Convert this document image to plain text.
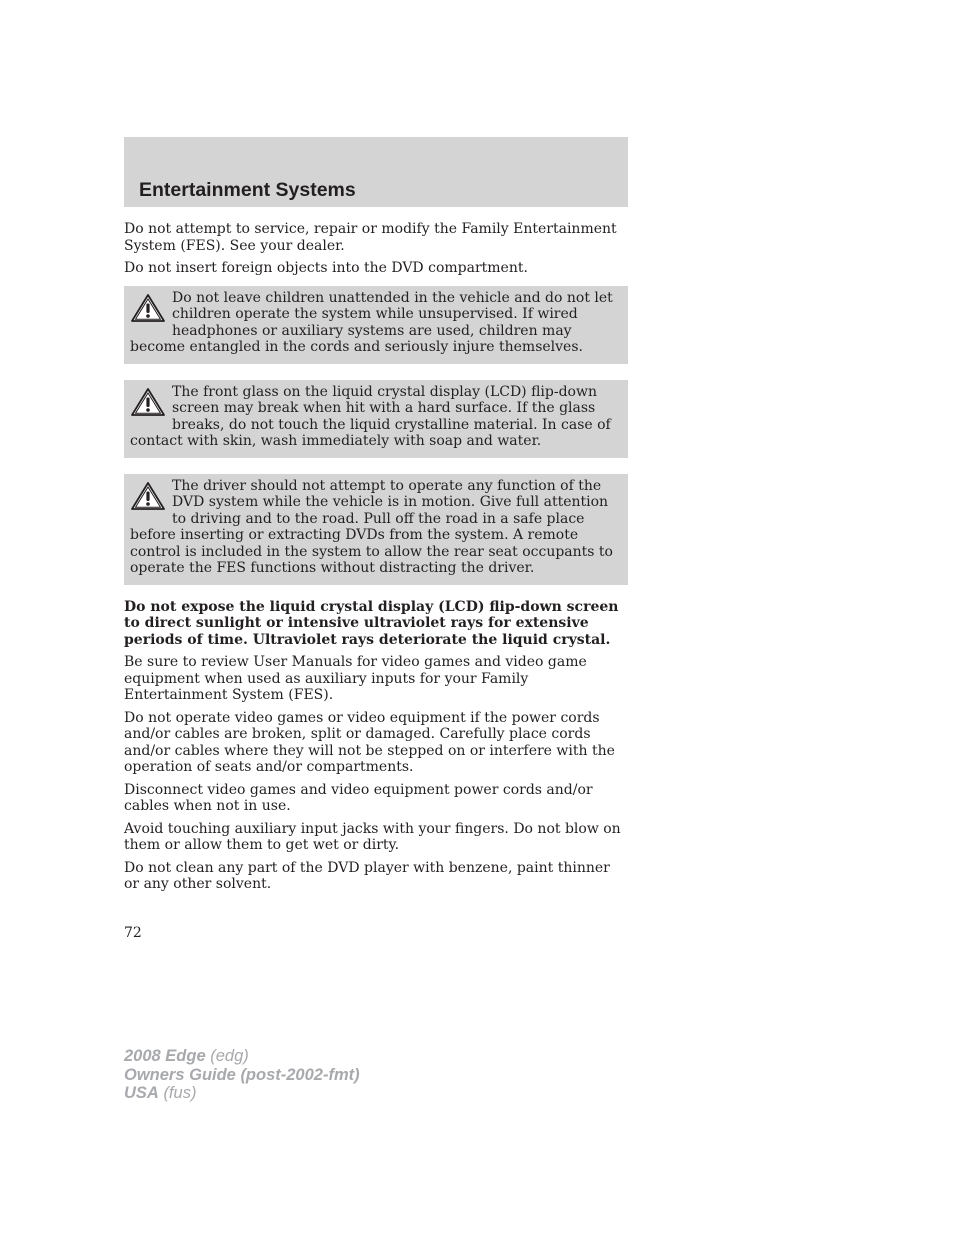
Entertainment Systems

Do not attempt to service, repair or modify the Family Entertainment System (FES). See your dealer.

Do not insert foreign objects into the DVD compartment.

Do not leave children unattended in the vehicle and do not let children operate the system while unsupervised. If wired headphones or auxiliary systems are used, children may become entangled in the cords and seriously injure themselves.
The front glass on the liquid crystal display (LCD) flip-down screen may break when hit with a hard surface. If the glass breaks, do not touch the liquid crystalline material. In case of contact with skin, wash immediately with soap and water.
The driver should not attempt to operate any function of the DVD system while the vehicle is in motion. Give full attention to driving and to the road. Pull off the road in a safe place before inserting or extracting DVDs from the system. A remote control is included in the system to allow the rear seat occupants to operate the FES functions without distracting the driver.

Do not expose the liquid crystal display (LCD) flip-down screen to direct sunlight or intensive ultraviolet rays for extensive periods of time. Ultraviolet rays deteriorate the liquid crystal.

Be sure to review User Manuals for video games and video game equipment when used as auxiliary inputs for your Family Entertainment System (FES).

Do not operate video games or video equipment if the power cords and/or cables are broken, split or damaged. Carefully place cords and/or cables where they will not be stepped on or interfere with the operation of seats and/or compartments.

Disconnect video games and video equipment power cords and/or cables when not in use.

Avoid touching auxiliary input jacks with your fingers. Do not blow on them or allow them to get wet or dirty.

Do not clean any part of the DVD player with benzene, paint thinner or any other solvent.

72
2008 Edge (edg)
Owners Guide (post-2002-fmt)
USA (fus)
